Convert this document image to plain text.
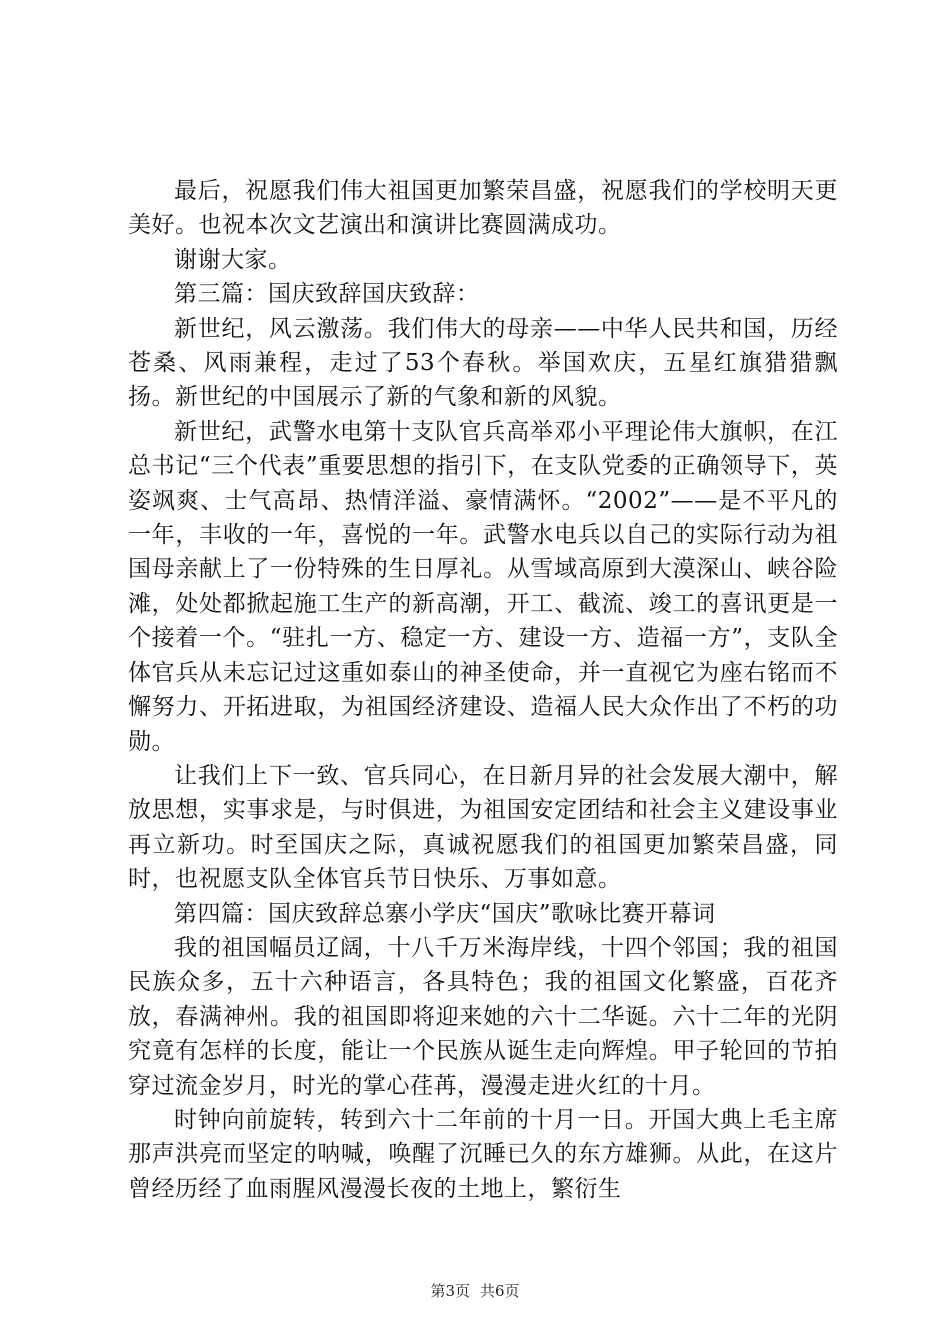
最后，祝愿我们伟大祖国更加繁荣昌盛，祝愿我们的学校明天更美好。也祝本次文艺演出和演讲比赛圆满成功。

谢谢大家。

第三篇：国庆致辞国庆致辞：

新世纪，风云激荡。我们伟大的母亲——中华人民共和国，历经苍桑、风雨兼程，走过了53个春秋。举国欢庆，五星红旗猎猎飘扬。新世纪的中国展示了新的气象和新的风貌。

新世纪，武警水电第十支队官兵高举邓小平理论伟大旗帜，在江总书记“三个代表”重要思想的指引下，在支队党委的正确领导下，英姿飒爽、士气高昂、热情洋溢、豪情满怀。“2002”——是不平凡的一年，丰收的一年，喜悦的一年。武警水电兵以自己的实际行动为祖国母亲献上了一份特殊的生日厚礼。从雪域高原到大漠深山、峡谷险滩，处处都掀起施工生产的新高潮，开工、截流、竣工的喜讯更是一个接着一个。“驻扎一方、稳定一方、建设一方、造福一方”，支队全体官兵从未忘记过这重如泰山的神圣使命，并一直视它为座右铭而不懈努力、开拓进取，为祖国经济建设、造福人民大众作出了不朽的功勋。

让我们上下一致、官兵同心，在日新月异的社会发展大潮中，解放思想，实事求是，与时俱进，为祖国安定团结和社会主义建设事业再立新功。时至国庆之际，真诚祝愿我们的祖国更加繁荣昌盛，同时，也祝愿支队全体官兵节日快乐、万事如意。

第四篇：国庆致辞总寨小学庆“国庆”歌咏比赛开幕词

我的祖国幅员辽阔，十八千万米海岸线，十四个邻国；我的祖国民族众多，五十六种语言，各具特色；我的祖国文化繁盛，百花齐放，春满神州。我的祖国即将迎来她的六十二华诞。六十二年的光阴究竟有怎样的长度，能让一个民族从诞生走向辉煌。甲子轮回的节拍穿过流金岁月，时光的掌心荏苒，漫漫走进火红的十月。

时钟向前旋转，转到六十二年前的十月一日。开国大典上毛主席那声洪亮而坚定的呐喊，唤醒了沉睡已久的东方雄狮。从此，在这片曾经历经了血雨腥风漫漫长夜的土地上，繁衍生

第3页 共6页
